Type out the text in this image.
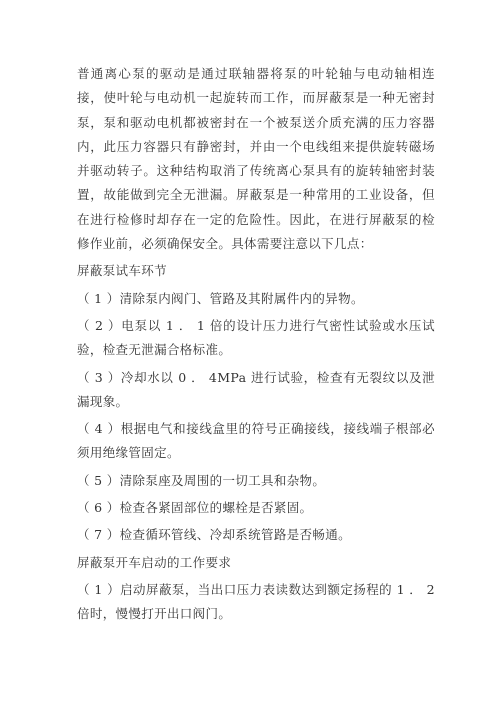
普通离心泵的驱动是通过联轴器将泵的叶轮轴与电动轴相连接，使叶轮与电动机一起旋转而工作，而屏蔽泵是一种无密封泵，泵和驱动电机都被密封在一个被泵送介质充满的压力容器内，此压力容器只有静密封，并由一个电线组来提供旋转磁场并驱动转子。这种结构取消了传统离心泵具有的旋转轴密封装置，故能做到完全无泄漏。屏蔽泵是一种常用的工业设备，但在进行检修时却存在一定的危险性。因此，在进行屏蔽泵的检修作业前，必须确保安全。具体需要注意以下几点：

屏蔽泵试车环节

（ 1 ）清除泵内阀门、管路及其附属件内的异物。

（ 2 ）电泵以 1 ． 1 倍的设计压力进行气密性试验或水压试验，检查无泄漏合格标准。

（ 3 ）冷却水以 0 ． 4MPa 进行试验，检查有无裂纹以及泄漏现象。

（ 4 ）根据电气和接线盒里的符号正确接线，接线端子根部必须用绝缘管固定。

（ 5 ）清除泵座及周围的一切工具和杂物。

（ 6 ）检查各紧固部位的螺栓是否紧固。

（ 7 ）检查循环管线、冷却系统管路是否畅通。

屏蔽泵开车启动的工作要求

（ 1 ）启动屏蔽泵，当出口压力表读数达到额定扬程的 1 ． 2 倍时，慢慢打开出口阀门。
